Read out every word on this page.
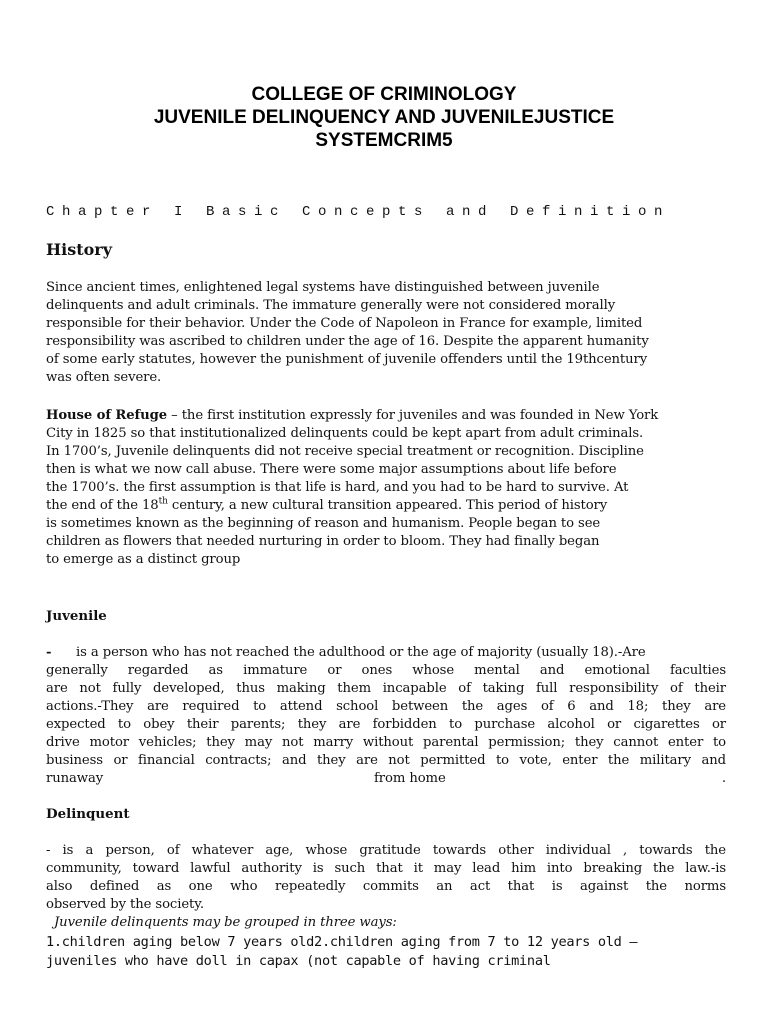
COLLEGE OF CRIMINOLOGY
JUVENILE DELINQUENCY AND JUVENILEJUSTICE
SYSTEMCRIM5
Chapter I Basic Concepts and Definition
History
Since ancient times, enlightened legal systems have distinguished between juvenile
delinquents and adult criminals. The immature generally were not considered morally
responsible for their behavior. Under the Code of Napoleon in France for example, limited
responsibility was ascribed to children under the age of 16. Despite the apparent humanity
of some early statutes, however the punishment of juvenile offenders until the 19thcentury
was often severe.
House of Refuge – the first institution expressly for juveniles and was founded in New York
City in 1825 so that institutionalized delinquents could be kept apart from adult criminals.
In 1700’s, Juvenile delinquents did not receive special treatment or recognition. Discipline
then is what we now call abuse. There were some major assumptions about life before
the 1700’s. the first assumption is that life is hard, and you had to be hard to survive. At
the end of the 18th century, a new cultural transition appeared. This period of history
is sometimes known as the beginning of reason and humanism. People began to see
children as flowers that needed nurturing in order to bloom. They had finally began
to emerge as a distinct group
Juvenile
- is a person who has not reached the adulthood or the age of majority (usually 18).-Are
generally regarded as immature or ones whose mental and emotional faculties
are not fully developed, thus making them incapable of taking full responsibility of their
actions.-They are required to attend school between the ages of 6 and 18; they are
expected to obey their parents; they are forbidden to purchase alcohol or cigarettes or
drive motor vehicles; they may not marry without parental permission; they cannot enter to
business or financial contracts; and they are not permitted to vote, enter the military and
runaway	from home	.
Delinquent
- is a person, of whatever age, whose gratitude towards other individual , towards the
community, toward lawful authority is such that it may lead him into breaking the law.-is
also defined as one who repeatedly commits an act that is against the norms
observed by the society.
Juvenile delinquents may be grouped in three ways:
1.children aging below 7 years old2.children aging from 7 to 12 years old –
juveniles who have doll in capax (not capable of having criminal
